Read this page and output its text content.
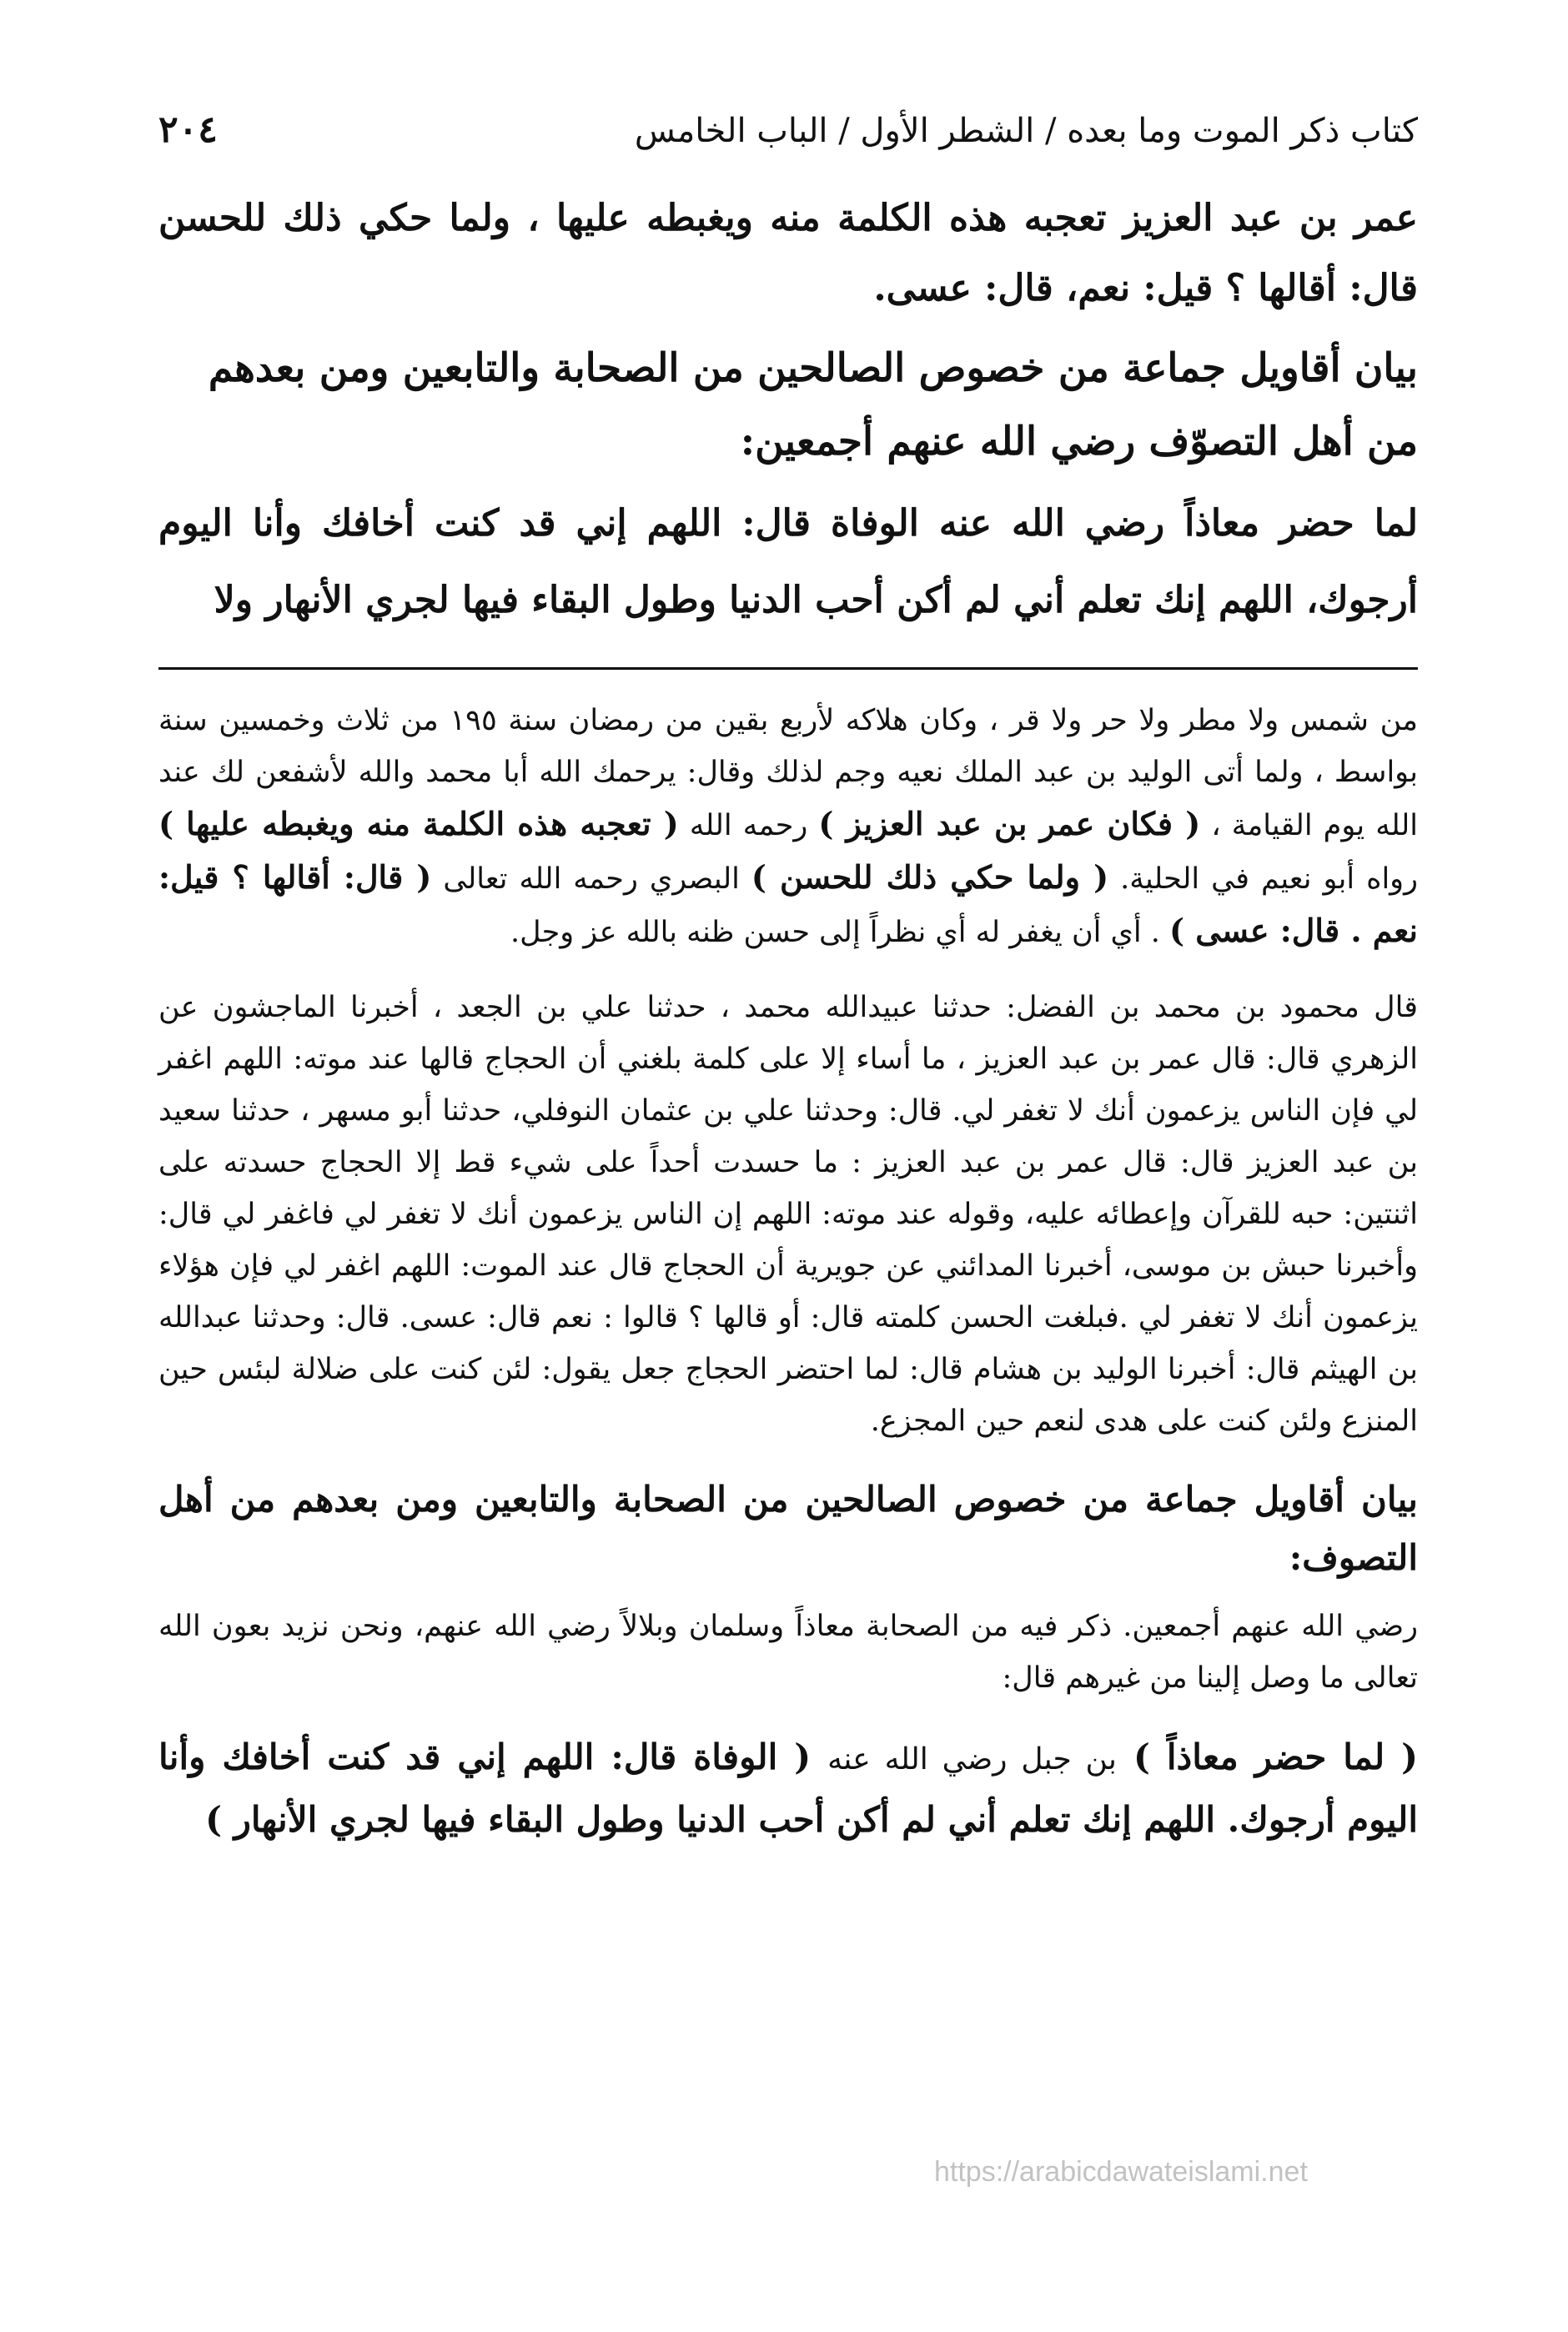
كتاب ذكر الموت وما بعده / الشطر الأول / الباب الخامس
٢٠٤

عمر بن عبد العزيز تعجبه هذه الكلمة منه ويغبطه عليها ، ولما حكي ذلك للحسن قال: أقالها ؟ قيل: نعم، قال: عسى.

بيان أقاويل جماعة من خصوص الصالحين من الصحابة والتابعين ومن بعدهم من أهل التصوّف رضي الله عنهم أجمعين:

لما حضر معاذاً رضي الله عنه الوفاة قال: اللهم إني قد كنت أخافك وأنا اليوم أرجوك، اللهم إنك تعلم أني لم أكن أحب الدنيا وطول البقاء فيها لجري الأنهار ولا

من شمس ولا مطر ولا حر ولا قر ، وكان هلاكه لأربع بقين من رمضان سنة ١٩٥ من ثلاث وخمسين سنة بواسط ، ولما أتى الوليد بن عبد الملك نعيه وجم لذلك وقال: يرحمك الله أبا محمد والله لأشفعن لك عند الله يوم القيامة ، ( فكان عمر بن عبد العزيز ) رحمه الله ( تعجبه هذه الكلمة منه ويغبطه عليها ) رواه أبو نعيم في الحلية. ( ولما حكي ذلك للحسن ) البصري رحمه الله تعالى ( قال: أقالها ؟ قيل: نعم . قال: عسى ) . أي أن يغفر له أي نظراً إلى حسن ظنه بالله عز وجل.

قال محمود بن محمد بن الفضل: حدثنا عبيدالله محمد ، حدثنا علي بن الجعد ، أخبرنا الماجشون عن الزهري قال: قال عمر بن عبد العزيز ، ما أساء إلا على كلمة بلغني أن الحجاج قالها عند موته: اللهم اغفر لي فإن الناس يزعمون أنك لا تغفر لي. قال: وحدثنا علي بن عثمان النوفلي، حدثنا أبو مسهر ، حدثنا سعيد بن عبد العزيز قال: قال عمر بن عبد العزيز : ما حسدت أحداً على شيء قط إلا الحجاج حسدته على اثنتين: حبه للقرآن وإعطائه عليه، وقوله عند موته: اللهم إن الناس يزعمون أنك لا تغفر لي فاغفر لي قال: وأخبرنا حبش بن موسى، أخبرنا المدائني عن جويرية أن الحجاج قال عند الموت: اللهم اغفر لي فإن هؤلاء يزعمون أنك لا تغفر لي .فبلغت الحسن كلمته قال: أو قالها ؟ قالوا : نعم قال: عسى. قال: وحدثنا عبدالله بن الهيثم قال: أخبرنا الوليد بن هشام قال: لما احتضر الحجاج جعل يقول: لئن كنت على ضلالة لبئس حين المنزع ولئن كنت على هدى لنعم حين المجزع.

بيان أقاويل جماعة من خصوص الصالحين من الصحابة والتابعين ومن بعدهم من أهل التصوف:

رضي الله عنهم أجمعين. ذكر فيه من الصحابة معاذاً وسلمان وبلالاً رضي الله عنهم، ونحن نزيد بعون الله تعالى ما وصل إلينا من غيرهم قال:

( لما حضر معاذاً ) بن جبل رضي الله عنه ( الوفاة قال: اللهم إني قد كنت أخافك وأنا اليوم أرجوك. اللهم إنك تعلم أني لم أكن أحب الدنيا وطول البقاء فيها لجري الأنهار )
https://arabicdawateislami.net
